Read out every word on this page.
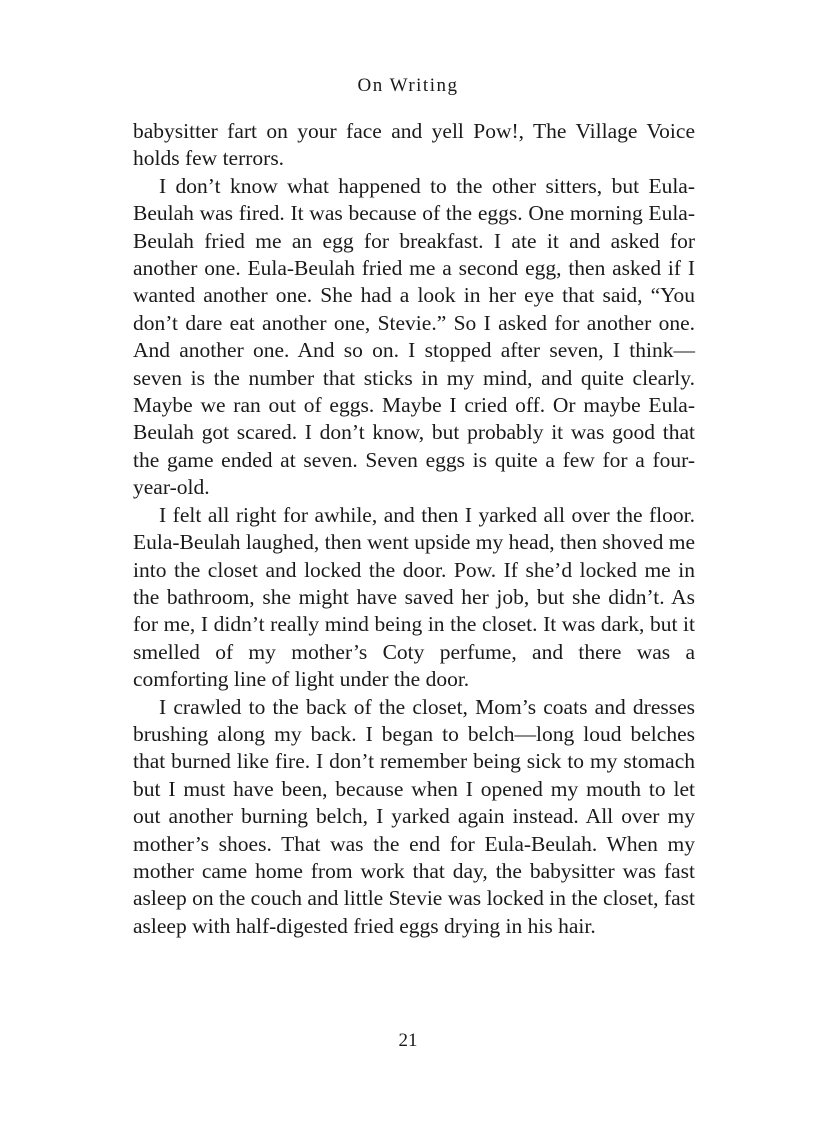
On Writing

babysitter fart on your face and yell Pow!, The Village Voice holds few terrors.

I don’t know what happened to the other sitters, but Eula-Beulah was fired. It was because of the eggs. One morning Eula-Beulah fried me an egg for breakfast. I ate it and asked for another one. Eula-Beulah fried me a second egg, then asked if I wanted another one. She had a look in her eye that said, “You don’t dare eat another one, Stevie.” So I asked for another one. And another one. And so on. I stopped after seven, I think—seven is the number that sticks in my mind, and quite clearly. Maybe we ran out of eggs. Maybe I cried off. Or maybe Eula-Beulah got scared. I don’t know, but probably it was good that the game ended at seven. Seven eggs is quite a few for a four-year-old.

I felt all right for awhile, and then I yarked all over the floor. Eula-Beulah laughed, then went upside my head, then shoved me into the closet and locked the door. Pow. If she’d locked me in the bathroom, she might have saved her job, but she didn’t. As for me, I didn’t really mind being in the closet. It was dark, but it smelled of my mother’s Coty perfume, and there was a comforting line of light under the door.

I crawled to the back of the closet, Mom’s coats and dresses brushing along my back. I began to belch—long loud belches that burned like fire. I don’t remember being sick to my stomach but I must have been, because when I opened my mouth to let out another burning belch, I yarked again instead. All over my mother’s shoes. That was the end for Eula-Beulah. When my mother came home from work that day, the babysitter was fast asleep on the couch and little Stevie was locked in the closet, fast asleep with half-digested fried eggs drying in his hair.

21
